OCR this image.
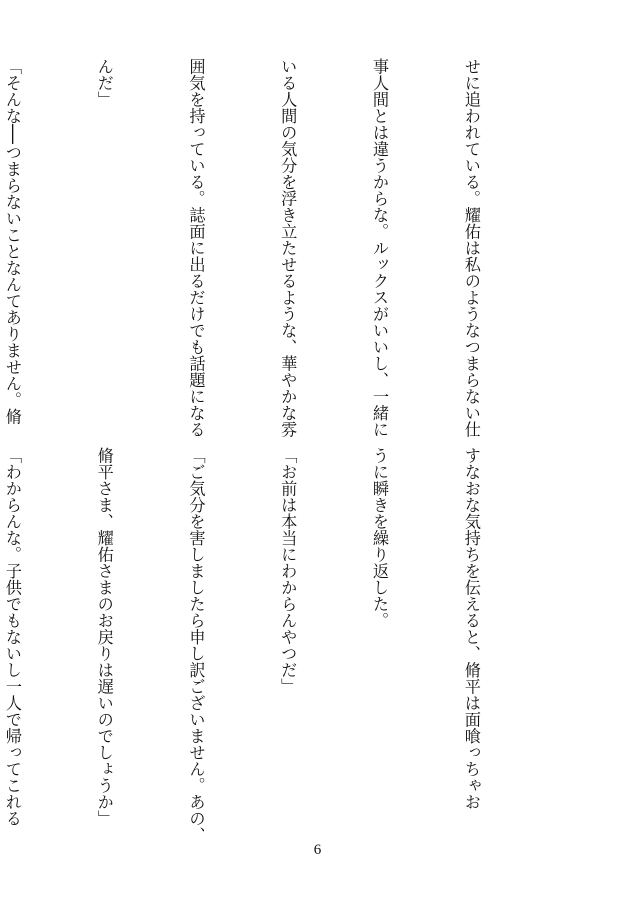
せに追われている。耀佑は私のようなつまらない仕

事人間とは違うからな。ルックスがいいし、一緒に

いる人間の気分を浮き立たせるような、華やかな雰

囲気を持っている。誌面に出るだけでも話題になる

んだ」

「そんな──つまらないことなんてありません。脩

すなおな気持ちを伝えると、脩平は面喰っちゃお

うに瞬きを繰り返した。

「お前は本当にわからんやつだ」

「ご気分を害しましたら申し訳ございません。あの、

脩平さま、耀佑さまのお戻りは遅いのでしょうか」

「わからんな。子供でもないし一人で帰ってこれる

6
